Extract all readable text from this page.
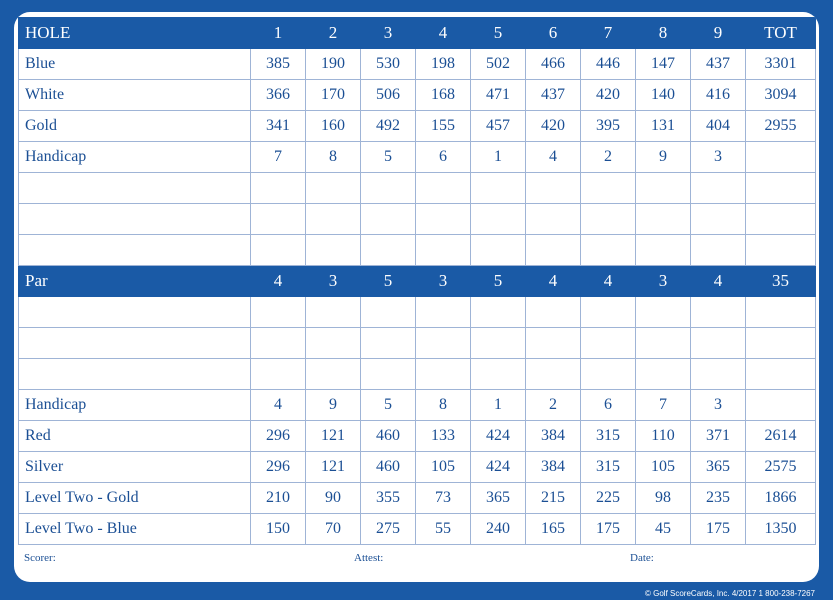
HOLE	1	2	3	4	5	6	7	8	9	TOT
Blue	385	190	530	198	502	466	446	147	437	3301
White	366	170	506	168	471	437	420	140	416	3094
Gold	341	160	492	155	457	420	395	131	404	2955
Handicap	7	8	5	6	1	4	2	9	3	

Par	4	3	5	3	5	4	4	3	4	35

Handicap	4	9	5	8	1	2	6	7	3	
Red	296	121	460	133	424	384	315	110	371	2614
Silver	296	121	460	105	424	384	315	105	365	2575
Level Two - Gold	210	90	355	73	365	215	225	98	235	1866
Level Two - Blue	150	70	275	55	240	165	175	45	175	1350
Scorer:	Attest:	Date:
© Golf ScoreCards, Inc. 4/2017 1 800-238-7267
